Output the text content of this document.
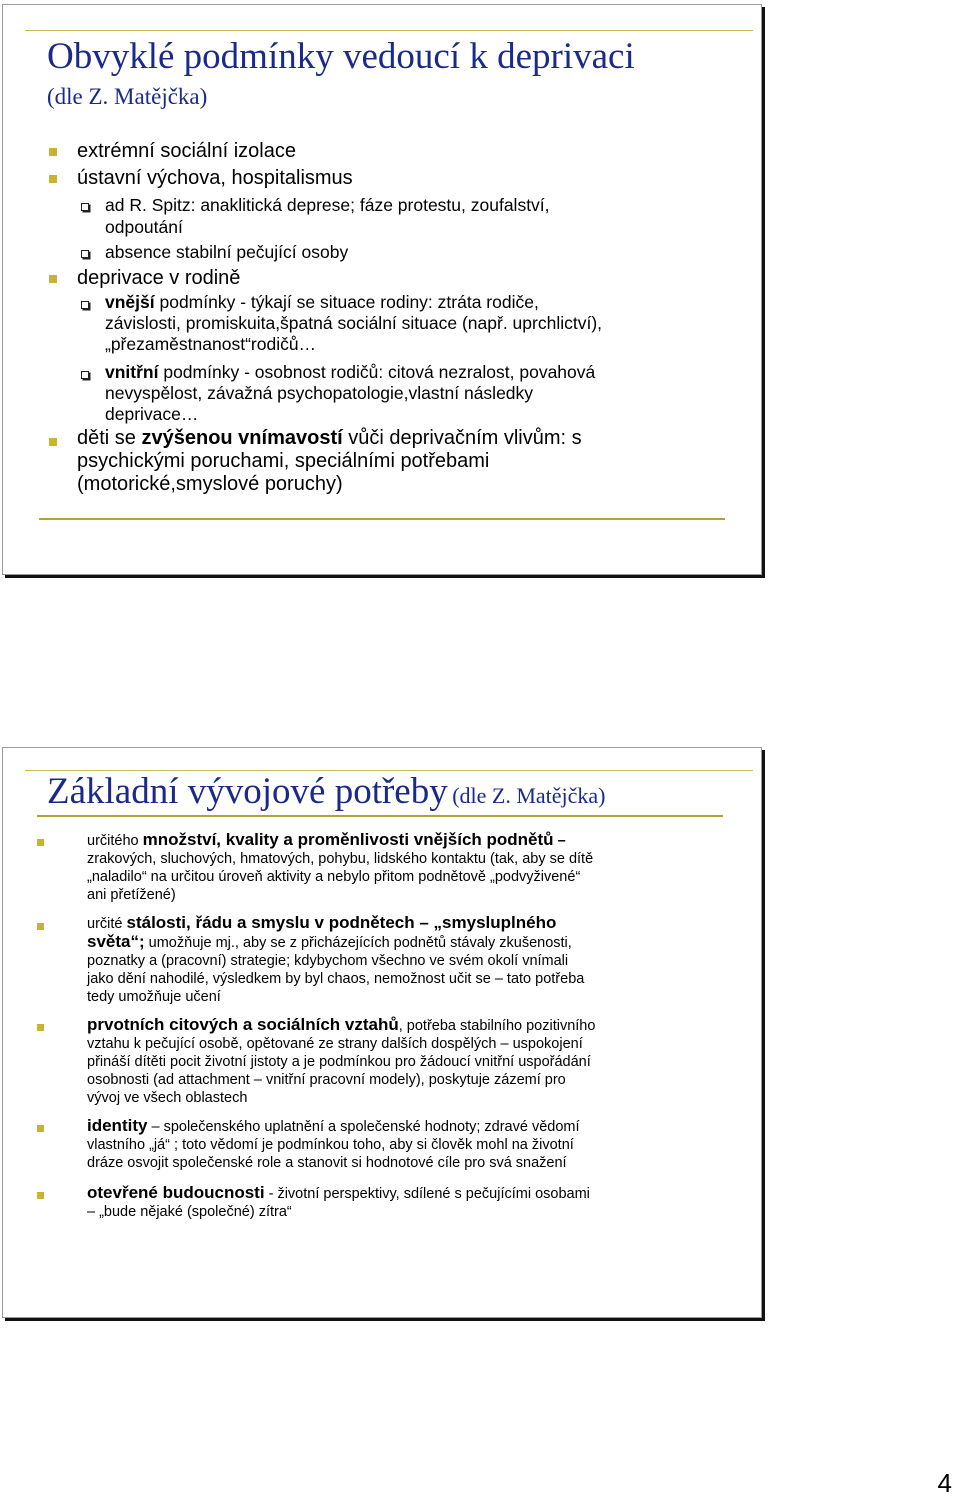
Obvyklé podmínky vedoucí k deprivaci
(dle Z. Matějčka)

extrémní sociální izolace

ústavní výchova, hospitalismus

ad R. Spitz: anaklitická deprese; fáze protestu, zoufalství,

odpoutání

absence stabilní pečující osoby

deprivace v rodině

vnější podmínky - týkají se situace rodiny: ztráta rodiče,

závislosti, promiskuita,špatná sociální situace (např. uprchlictví),

„přezaměstnanost“rodičů…

vnitřní podmínky - osobnost rodičů: citová nezralost, povahová

nevyspělost, závažná psychopatologie,vlastní následky

deprivace…

děti se zvýšenou vnímavostí vůči deprivačním vlivům: s

psychickými poruchami, speciálními potřebami

(motorické,smyslové poruchy)

Základní vývojové potřeby (dle Z. Matějčka)

určitého množství, kvality a proměnlivosti vnějších podnětů –

zrakových, sluchových, hmatových, pohybu, lidského kontaktu (tak, aby se dítě

„naladilo“ na určitou úroveň aktivity a nebylo přitom podnětově „podvyživené“

ani přetížené)

určité stálosti, řádu a smyslu v podnětech – „smysluplného

světa“; umožňuje mj., aby se z přicházejících podnětů stávaly zkušenosti,

poznatky a (pracovní) strategie; kdybychom všechno ve svém okolí vnímali

jako dění nahodilé, výsledkem by byl chaos, nemožnost učit se – tato potřeba

tedy umožňuje učení

prvotních citových a sociálních vztahů, potřeba stabilního pozitivního

vztahu k pečující osobě, opětované ze strany dalších dospělých – uspokojení

přináší dítěti pocit životní jistoty a je podmínkou pro žádoucí vnitřní uspořádání

osobnosti (ad attachment – vnitřní pracovní modely), poskytuje zázemí pro

vývoj ve všech oblastech

identity – společenského uplatnění a společenské hodnoty; zdravé vědomí

vlastního „já“ ; toto vědomí je podmínkou toho, aby si člověk mohl na životní

dráze osvojit společenské role a stanovit si hodnotové cíle pro svá snažení

otevřené budoucnosti - životní perspektivy, sdílené s pečujícími osobami

– „bude nějaké (společné) zítra“

4
